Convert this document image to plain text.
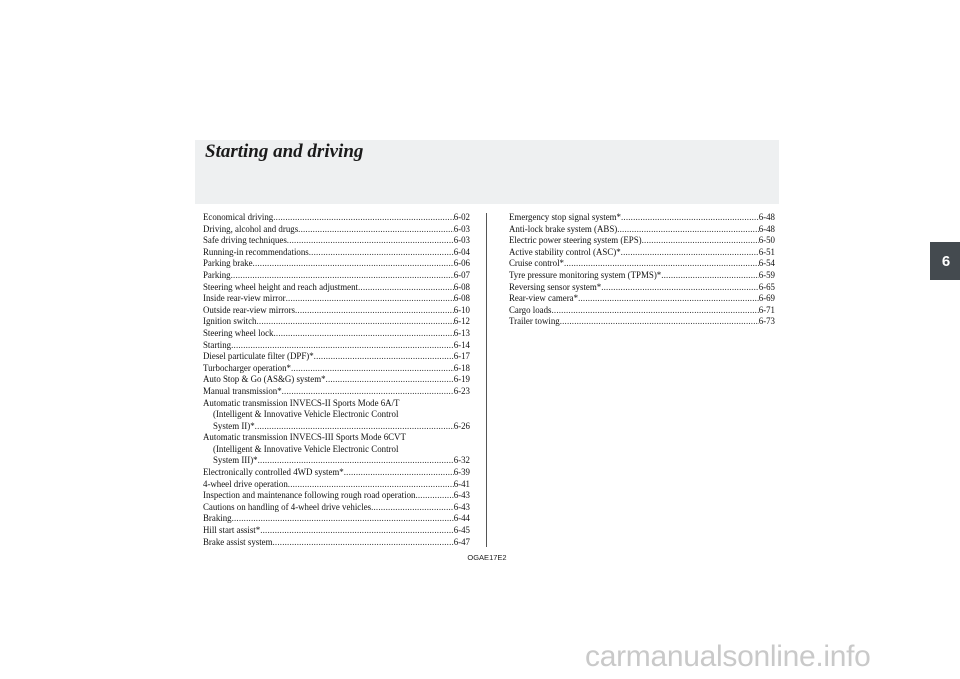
Starting and driving
6
Economical driving .....	6-02
Driving, alcohol and drugs .....	6-03
Safe driving techniques .....	6-03
Running-in recommendations .....	6-04
Parking brake .....	6-06
Parking .....	6-07
Steering wheel height and reach adjustment .....	6-08
Inside rear-view mirror .....	6-08
Outside rear-view mirrors .....	6-10
Ignition switch .....	6-12
Steering wheel lock .....	6-13
Starting .....	6-14
Diesel particulate filter (DPF)* .....	6-17
Turbocharger operation* .....	6-18
Auto Stop & Go (AS&G) system* .....	6-19
Manual transmission* .....	6-23
Automatic transmission INVECS-II Sports Mode 6A/T
(Intelligent & Innovative Vehicle Electronic Control
System II)* .....	6-26
Automatic transmission INVECS-III Sports Mode 6CVT
(Intelligent & Innovative Vehicle Electronic Control
System III)* .....	6-32
Electronically controlled 4WD system* .....	6-39
4-wheel drive operation .....	6-41
Inspection and maintenance following rough road operation .....	6-43
Cautions on handling of 4-wheel drive vehicles .....	6-43
Braking .....	6-44
Hill start assist* .....	6-45
Brake assist system .....	6-47
Emergency stop signal system* .....	6-48
Anti-lock brake system (ABS) .....	6-48
Electric power steering system (EPS) .....	6-50
Active stability control (ASC)* .....	6-51
Cruise control* .....	6-54
Tyre pressure monitoring system (TPMS)* .....	6-59
Reversing sensor system* .....	6-65
Rear-view camera* .....	6-69
Cargo loads .....	6-71
Trailer towing .....	6-73
OGAE17E2
carmanualsonline.info
